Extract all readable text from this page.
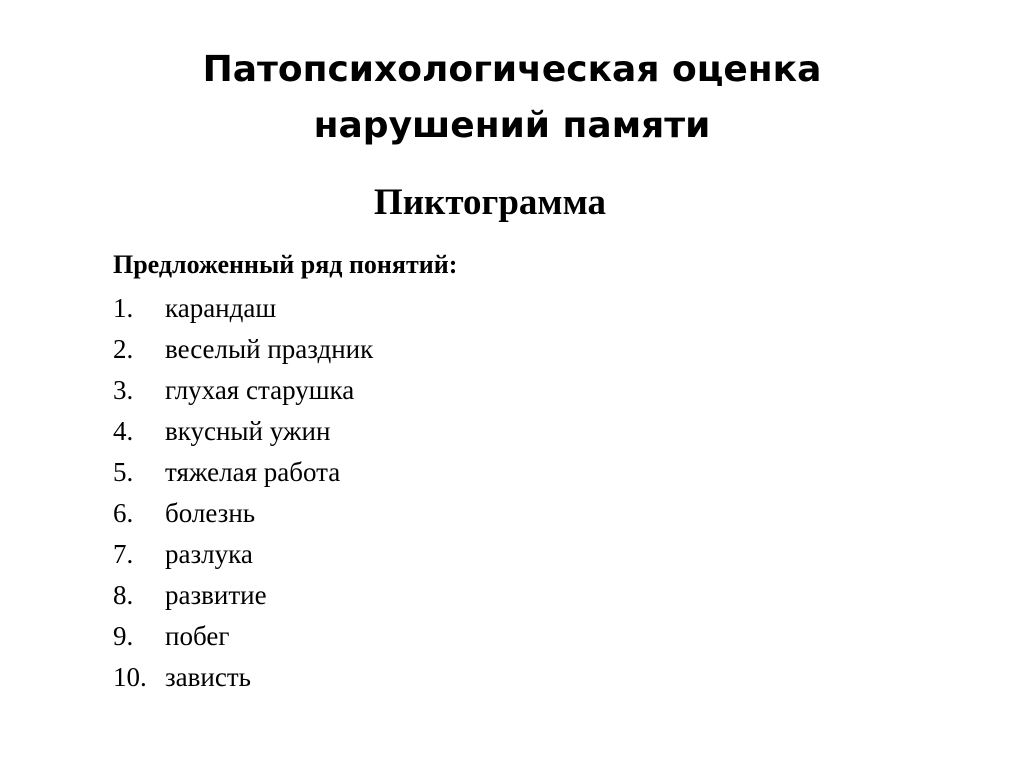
Патопсихологическая оценка
нарушений памяти
Пиктограмма

Предложенный ряд понятий:

1.	карандаш
2.	веселый праздник
3.	глухая старушка
4.	вкусный ужин
5.	тяжелая работа
6.	болезнь
7.	разлука
8.	развитие
9.	побег
10. зависть
